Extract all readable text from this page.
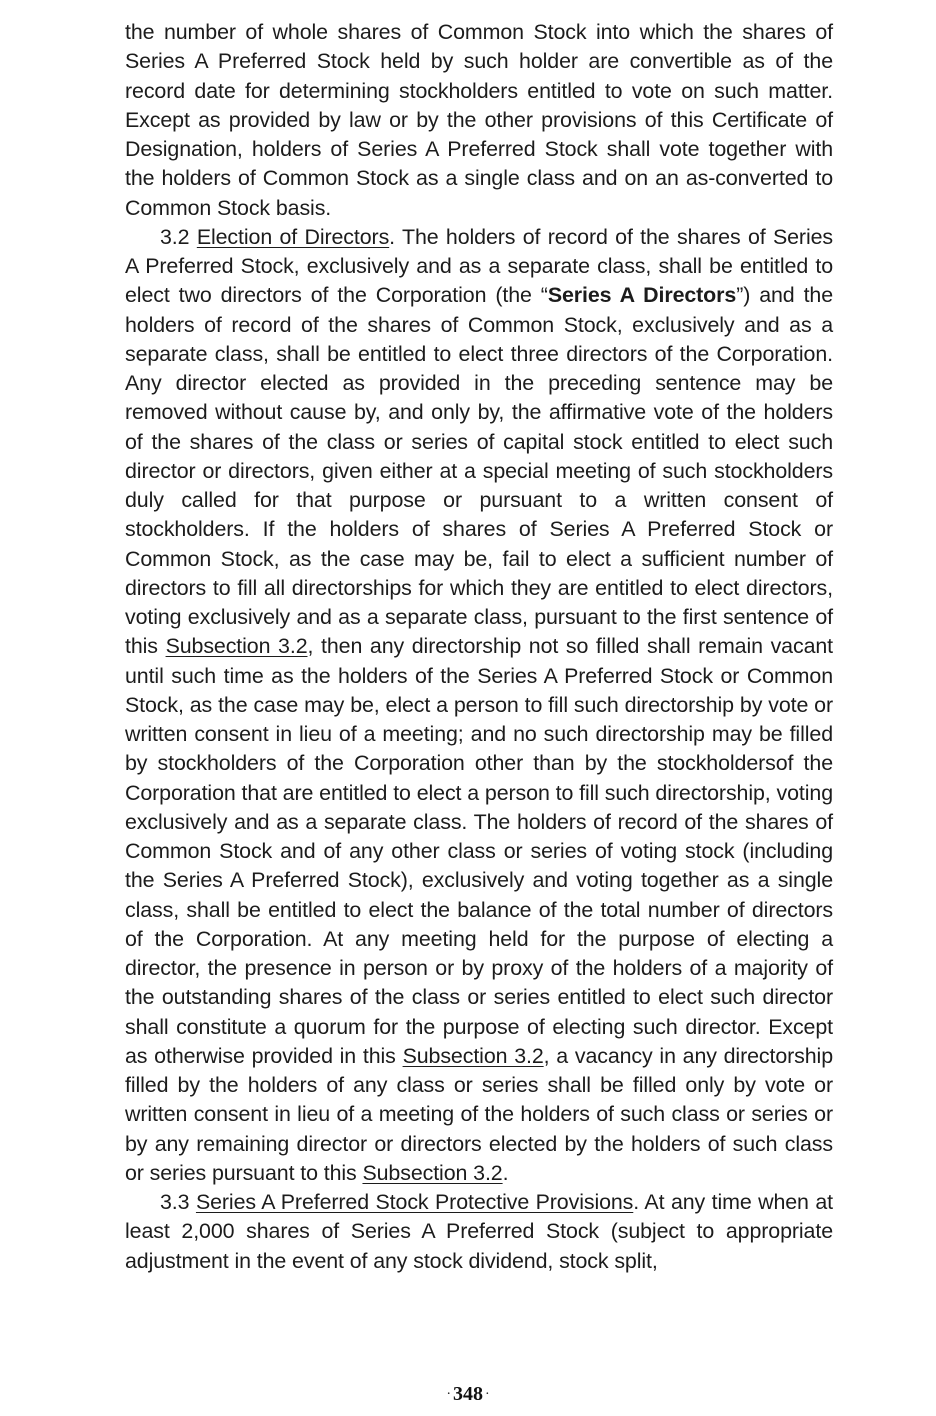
the number of whole shares of Common Stock into which the shares of Series A Preferred Stock held by such holder are convertible as of the record date for determining stockholders entitled to vote on such matter. Except as provided by law or by the other provisions of this Certificate of Designation, holders of Series A Preferred Stock shall vote together with the holders of Common Stock as a single class and on an as-converted to Common Stock basis.

3.2 Election of Directors. The holders of record of the shares of Series A Preferred Stock, exclusively and as a separate class, shall be entitled to elect two directors of the Corporation (the “Series A Directors”) and the holders of record of the shares of Common Stock, exclusively and as a separate class, shall be entitled to elect three directors of the Corporation. Any director elected as provided in the preceding sentence may be removed without cause by, and only by, the affirmative vote of the holders of the shares of the class or series of capital stock entitled to elect such director or directors, given either at a special meeting of such stockholders duly called for that purpose or pursuant to a written consent of stockholders. If the holders of shares of Series A Preferred Stock or Common Stock, as the case may be, fail to elect a sufficient number of directors to fill all directorships for which they are entitled to elect directors, voting exclusively and as a separate class, pursuant to the first sentence of this Subsection 3.2, then any directorship not so filled shall remain vacant until such time as the holders of the Series A Preferred Stock or Common Stock, as the case may be, elect a person to fill such directorship by vote or written consent in lieu of a meeting; and no such directorship may be filled by stockholders of the Corporation other than by the stockholdersof the Corporation that are entitled to elect a person to fill such directorship, voting exclusively and as a separate class. The holders of record of the shares of Common Stock and of any other class or series of voting stock (including the Series A Preferred Stock), exclusively and voting together as a single class, shall be entitled to elect the balance of the total number of directors of the Corporation. At any meeting held for the purpose of electing a director, the presence in person or by proxy of the holders of a majority of the outstanding shares of the class or series entitled to elect such director shall constitute a quorum for the purpose of electing such director. Except as otherwise provided in this Subsection 3.2, a vacancy in any directorship filled by the holders of any class or series shall be filled only by vote or written consent in lieu of a meeting of the holders of such class or series or by any remaining director or directors elected by the holders of such class or series pursuant to this Subsection 3.2.

3.3 Series A Preferred Stock Protective Provisions. At any time when at least 2,000 shares of Series A Preferred Stock (subject to appropriate adjustment in the event of any stock dividend, stock split,

· 348 ·
